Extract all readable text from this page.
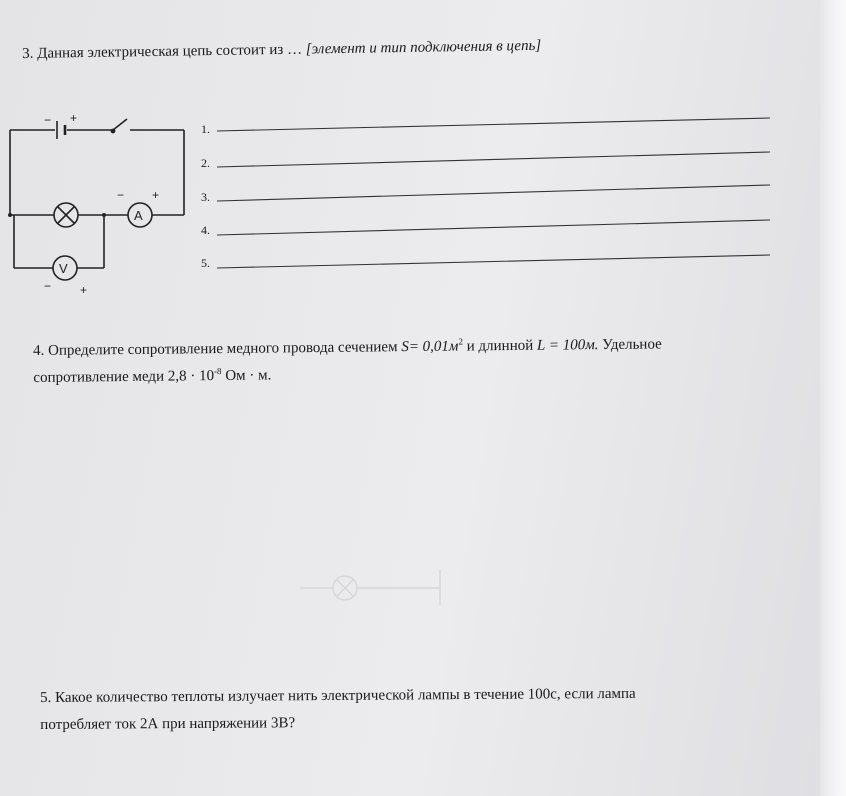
3. Данная электрическая цепь состоит из … [элемент и тип подключения в цепь]
A
V
− +
− +
− +
1.
2.
3.
4.
5.

4. Определите сопротивление медного провода сечением $S= 0,01м^2$ и длинной L = 100м. Удельное

сопротивление меди $2,8 \cdot 10^{-8}$ Ом · м.

5. Какое количество теплоты излучает нить электрической лампы в течение 100с, если лампа

потребляет ток 2А при напряжении 3В?
